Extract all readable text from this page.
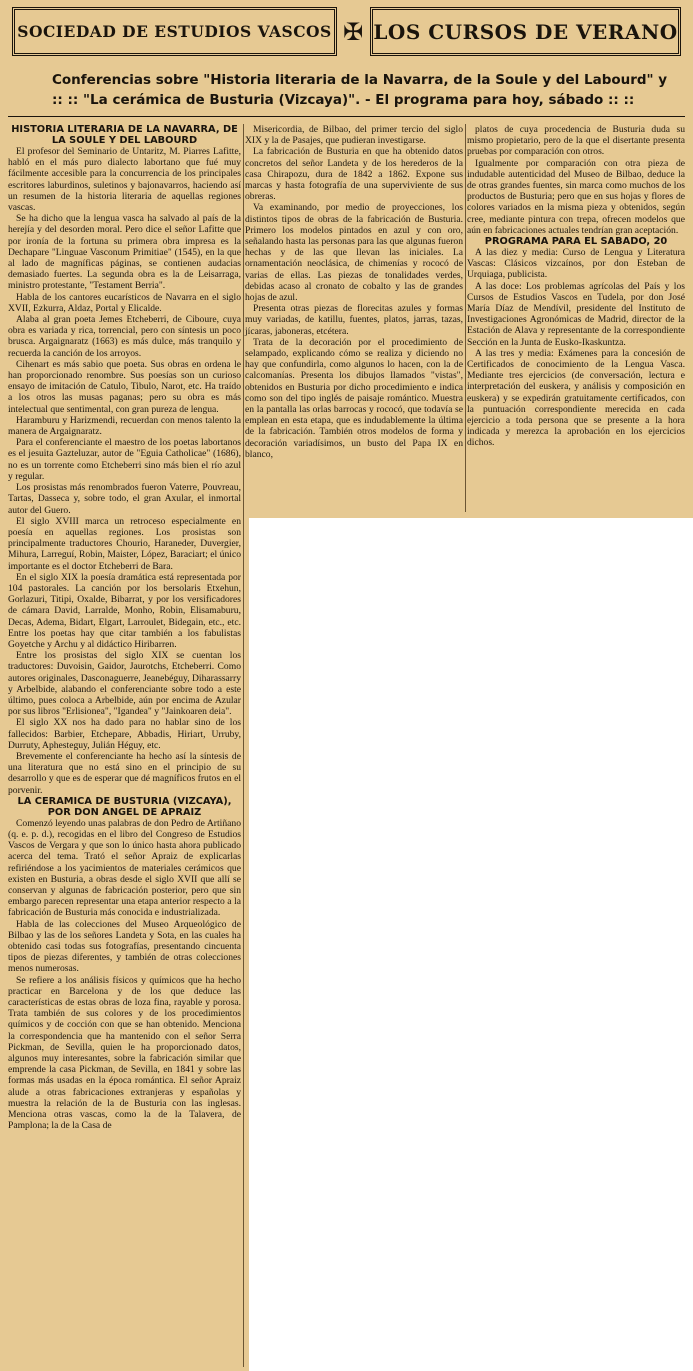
SOCIEDAD DE ESTUDIOS VASCOS ✠ LOS CURSOS DE VERANO
Conferencias sobre "Historia literaria de la Navarra, de la Soule y del Labourd" y
:: :: "La cerámica de Busturia (Vizcaya)". - El programa para hoy, sábado :: ::
HISTORIA LITERARIA DE LA NAVARRA, DE LA SOULE Y DEL LABOURD

El profesor del Seminario de Untaritz, M. Piarres Lafitte, habló en el más puro dialecto labortano que fué muy fácilmente accesible para la concurrencia de los principales escritores laburdinos, suletinos y bajonavarros, haciendo así un resumen de la historia literaria de aquellas regiones vascas.

Se ha dicho que la lengua vasca ha salvado al país de la herejía y del desorden moral. Pero dice el señor Lafitte que por ironía de la fortuna su primera obra impresa es la Dechapare "Linguae Vasconum Primitiae" (1545), en la que al lado de magníficas páginas, se contienen audacias demasiado fuertes. La segunda obra es la de Leisarraga, ministro protestante, "Testament Berria".

Habla de los cantores eucarísticos de Navarra en el siglo XVII, Ezkurra, Aldaz, Portal y Elicalde.

Alaba al gran poeta Jemes Etcheberri, de Ciboure, cuya obra es variada y rica, torrencial, pero con síntesis un poco brusca. Argaignaratz (1663) es más dulce, más tranquilo y recuerda la canción de los arroyos.

Cihenart es más sabio que poeta. Sus obras en ordena le han proporcionado renombre. Sus poesías son un curioso ensayo de imitación de Catulo, Tibulo, Narot, etc. Ha traído a los otros las musas paganas; pero su obra es más intelectual que sentimental, con gran pureza de lengua.

Haramburu y Harizmendi, recuerdan con menos talento la manera de Argaignaratz.

Para el conferenciante el maestro de los poetas labortanos es el jesuita Gazteluzar, autor de "Eguia Catholicae" (1686), no es un torrente como Etcheberri sino más bien el río azul y regular.

Los prosistas más renombrados fueron Vaterre, Pouvreau, Tartas, Dasseca y, sobre todo, el gran Axular, el inmortal autor del Guero.

El siglo XVIII marca un retroceso especialmente en poesía en aquellas regiones. Los prosistas son principalmente traductores Chourio, Haraneder, Duvergier, Mihura, Larreguí, Robin, Maister, López, Baraciart; el único importante es el doctor Etcheberri de Bara.

En el siglo XIX la poesía dramática está representada por 104 pastorales. La canción por los bersolaris Etxehun, Gorlazuri, Titipi, Oxalde, Bibarrat, y por los versificadores de cámara David, Larralde, Monho, Robin, Elisamaburu, Decas, Adema, Bidart, Elgart, Larroulet, Bidegain, etc., etc. Entre los poetas hay que citar también a los fabulistas Goyetche y Archu y al didáctico Hiribarren.

Entre los prosistas del siglo XIX se cuentan los traductores: Duvoisin, Gaidor, Jaurotchs, Etcheberri. Como autores originales, Dasconaguerre, Jeanebéguy, Diharassarry y Arbelbide, alabando el conferenciante sobre todo a este último, pues coloca a Arbelbide, aún por encima de Azular por sus libros "Erlisionea", "Igandea" y "Jainkoaren deia".

El siglo XX nos ha dado para no hablar sino de los fallecidos: Barbier, Etchepare, Abbadis, Hiriart, Urruby, Durruty, Aphesteguy, Julián Héguy, etc.

Brevemente el conferenciante ha hecho así la síntesis de una literatura que no está sino en el principio de su desarrollo y que es de esperar que dé magníficos frutos en el porvenir.

LA CERAMICA DE BUSTURIA (VIZCAYA), POR DON ANGEL DE APRAIZ

Comenzó leyendo unas palabras de don Pedro de Artiñano (q. e. p. d.), recogidas en el libro del Congreso de Estudios Vascos de Vergara y que son lo único hasta ahora publicado acerca del tema. Trató el señor Apraiz de explicarlas refiriéndose a los yacimientos de materiales cerámicos que existen en Busturia, a obras desde el siglo XVII que allí se conservan y algunas de fabricación posterior, pero que sin embargo parecen representar una etapa anterior respecto a la fabricación de Busturia más conocida e industrializada.

Habla de las colecciones del Museo Arqueológico de Bilbao y las de los señores Landeta y Sota, en las cuales ha obtenido casi todas sus fotografías, presentando cincuenta tipos de piezas diferentes, y también de otras colecciones menos numerosas.

Se refiere a los análisis físicos y químicos que ha hecho practicar en Barcelona y de los que deduce las características de estas obras de loza fina, rayable y porosa. Trata también de sus colores y de los procedimientos químicos y de cocción con que se han obtenido. Menciona la correspondencia que ha mantenido con el señor Serra Pickman, de Sevilla, quien le ha proporcionado datos, algunos muy interesantes, sobre la fabricación similar que emprende la casa Pickman, de Sevilla, en 1841 y sobre las formas más usadas en la época romántica. El señor Apraiz alude a otras fabricaciones extranjeras y españolas y muestra la relación de la de Busturia con las inglesas. Menciona otras vascas, como la de la Talavera, de Pamplona; la de la Casa de

Misericordia, de Bilbao, del primer tercio del siglo XIX y la de Pasajes, que pudieran investigarse.

La fabricación de Busturia en que ha obtenido datos concretos del señor Landeta y de los herederos de la casa Chirapozu, dura de 1842 a 1862. Expone sus marcas y hasta fotografía de una superviviente de sus obreras.

Va examinando, por medio de proyecciones, los distintos tipos de obras de la fabricación de Busturia. Primero los modelos pintados en azul y con oro, señalando hasta las personas para las que algunas fueron hechas y de las que llevan las iniciales. La ornamentación neoclásica, de chimenías y rococó de varias de ellas. Las piezas de tonalidades verdes, debidas acaso al cronato de cobalto y las de grandes hojas de azul.

Presenta otras piezas de florecitas azules y formas muy variadas, de katillu, fuentes, platos, jarras, tazas, jícaras, jaboneras, etcétera.

Trata de la decoración por el procedimiento de selampado, explicando cómo se realiza y diciendo no hay que confundirla, como algunos lo hacen, con la de calcomanías. Presenta los dibujos llamados "vistas", obtenidos en Busturia por dicho procedimiento e indica como son del tipo inglés de paisaje romántico. Muestra en la pantalla las orlas barrocas y rococó, que todavía se emplean en esta etapa, que es indudablemente la última de la fabricación. También otros modelos de forma y decoración variadísimos, un busto del Papa IX en blanco,

platos de cuya procedencia de Busturia duda su mismo propietario, pero de la que el disertante presenta pruebas por comparación con otros.

Igualmente por comparación con otra pieza de indudable autenticidad del Museo de Bilbao, deduce la de otras grandes fuentes, sin marca como muchos de los productos de Busturia; pero que en sus hojas y flores de colores variados en la misma pieza y obtenidos, según cree, mediante pintura con trepa, ofrecen modelos que aún en fabricaciones actuales tendrían gran aceptación.

PROGRAMA PARA EL SABADO, 20

A las diez y media: Curso de Lengua y Literatura Vascas: Clásicos vizcaínos, por don Esteban de Urquiaga, publicista.

A las doce: Los problemas agrícolas del País y los Cursos de Estudios Vascos en Tudela, por don José María Díaz de Mendívil, presidente del Instituto de Investigaciones Agronómicas de Madrid, director de la Estación de Alava y representante de la correspondiente Sección en la Junta de Eusko-Ikaskuntza.

A las tres y media: Exámenes para la concesión de Certificados de conocimiento de la Lengua Vasca. Mediante tres ejercicios (de conversación, lectura e interpretación del euskera, y análisis y composición en euskera) y se expedirán gratuitamente certificados, con la puntuación correspondiente merecida en cada ejercicio a toda persona que se presente a la hora indicada y merezca la aprobación en los ejercicios dichos.
